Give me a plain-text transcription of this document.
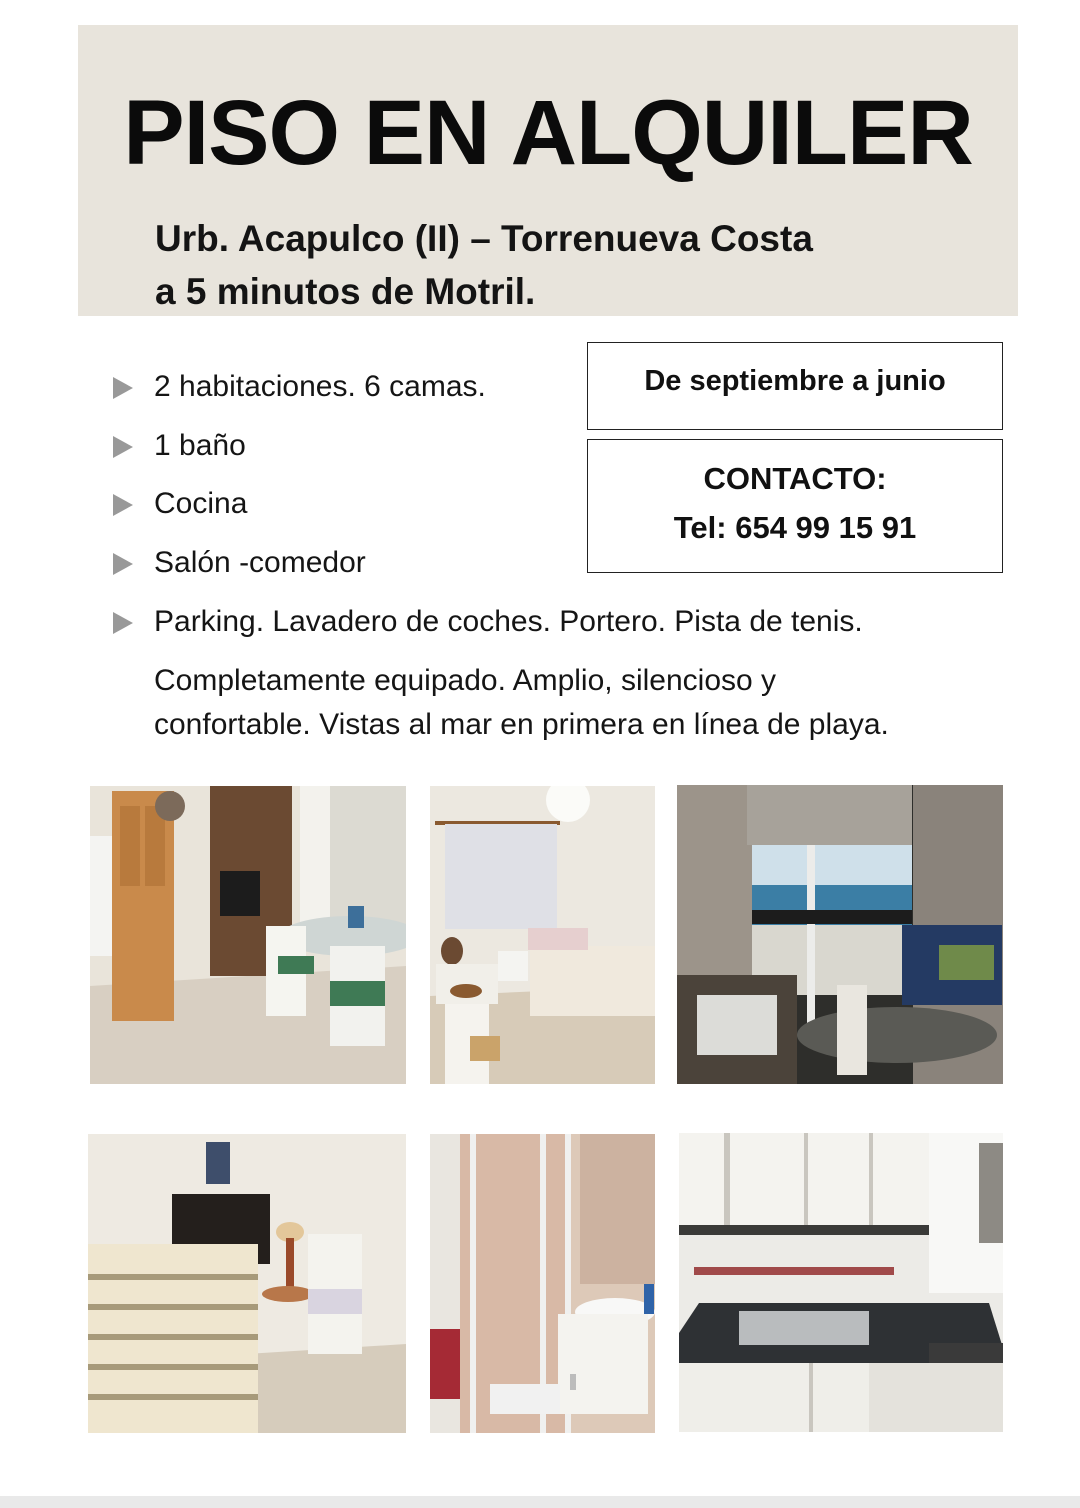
PISO EN ALQUILER
Urb. Acapulco (II) – Torrenueva Costa
a 5 minutos de Motril.
2 habitaciones. 6 camas.
1 baño
Cocina
Salón -comedor
Parking. Lavadero de coches. Portero. Pista de tenis.
Completamente equipado. Amplio, silencioso y
confortable. Vistas al mar en primera en línea de playa.
De septiembre a junio
CONTACTO:
Tel: 654 99 15 91
